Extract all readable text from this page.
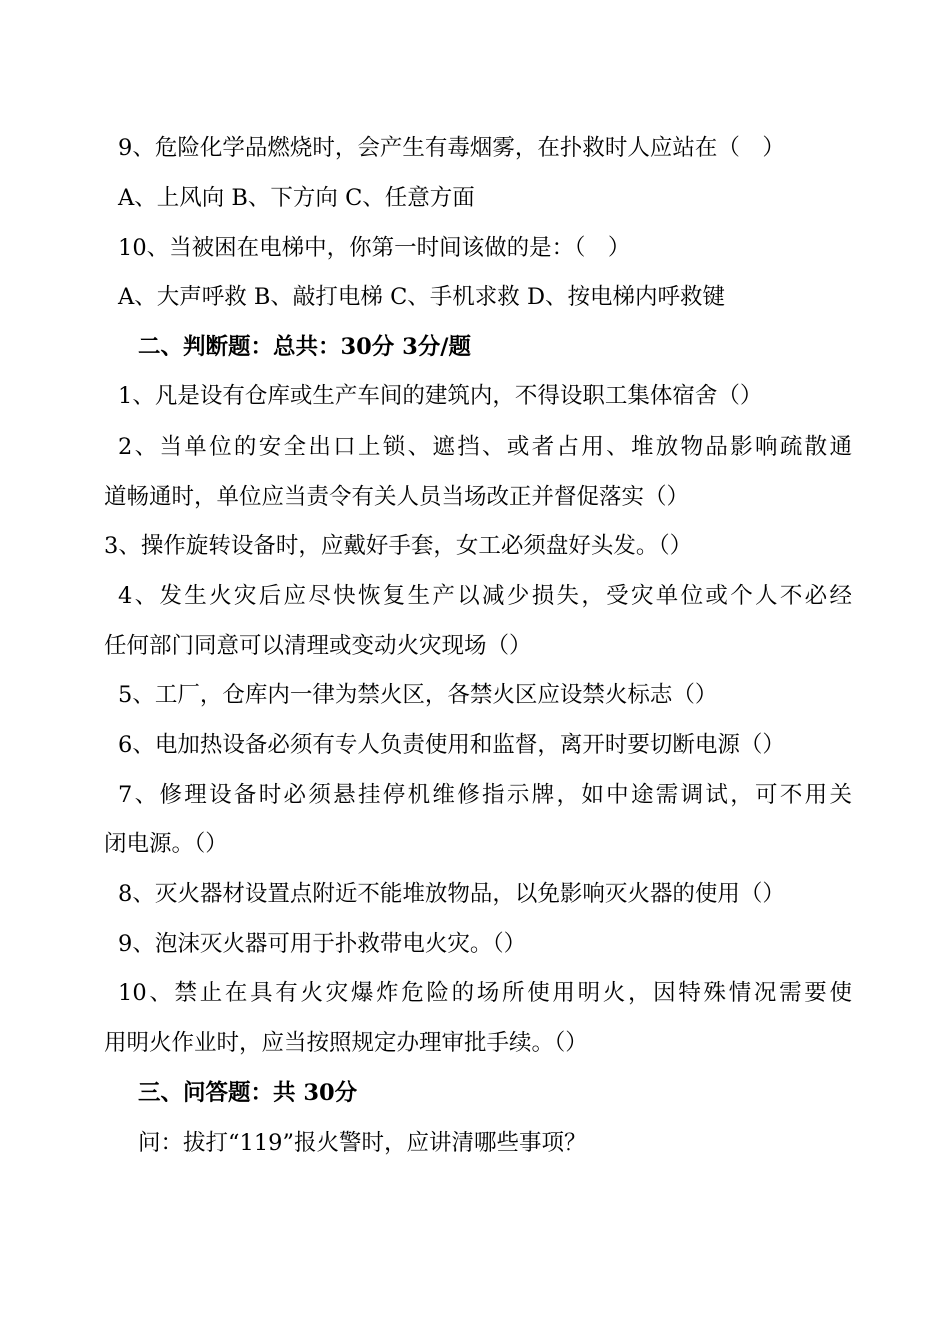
9、危险化学品燃烧时，会产生有毒烟雾，在扑救时人应站在（　）
A、上风向 B、下方向 C、任意方面
10、当被困在电梯中，你第一时间该做的是：（　）
A、大声呼救 B、敲打电梯 C、手机求救 D、按电梯内呼救键
二、判断题：总共：30分 3分/题
1、凡是设有仓库或生产车间的建筑内，不得设职工集体宿舍（）
2、当单位的安全出口上锁、遮挡、或者占用、堆放物品影响疏散通
道畅通时，单位应当责令有关人员当场改正并督促落实（）
3、操作旋转设备时，应戴好手套，女工必须盘好头发。（）
4、发生火灾后应尽快恢复生产以减少损失，受灾单位或个人不必经
任何部门同意可以清理或变动火灾现场（）
5、工厂，仓库内一律为禁火区，各禁火区应设禁火标志（）
6、电加热设备必须有专人负责使用和监督，离开时要切断电源（）
7、修理设备时必须悬挂停机维修指示牌，如中途需调试，可不用关
闭电源。（）
8、灭火器材设置点附近不能堆放物品，以免影响灭火器的使用（）
9、泡沫灭火器可用于扑救带电火灾。（）
10、禁止在具有火灾爆炸危险的场所使用明火，因特殊情况需要使
用明火作业时，应当按照规定办理审批手续。（）
三、问答题：共 30分
问：拔打“119”报火警时，应讲清哪些事项？
